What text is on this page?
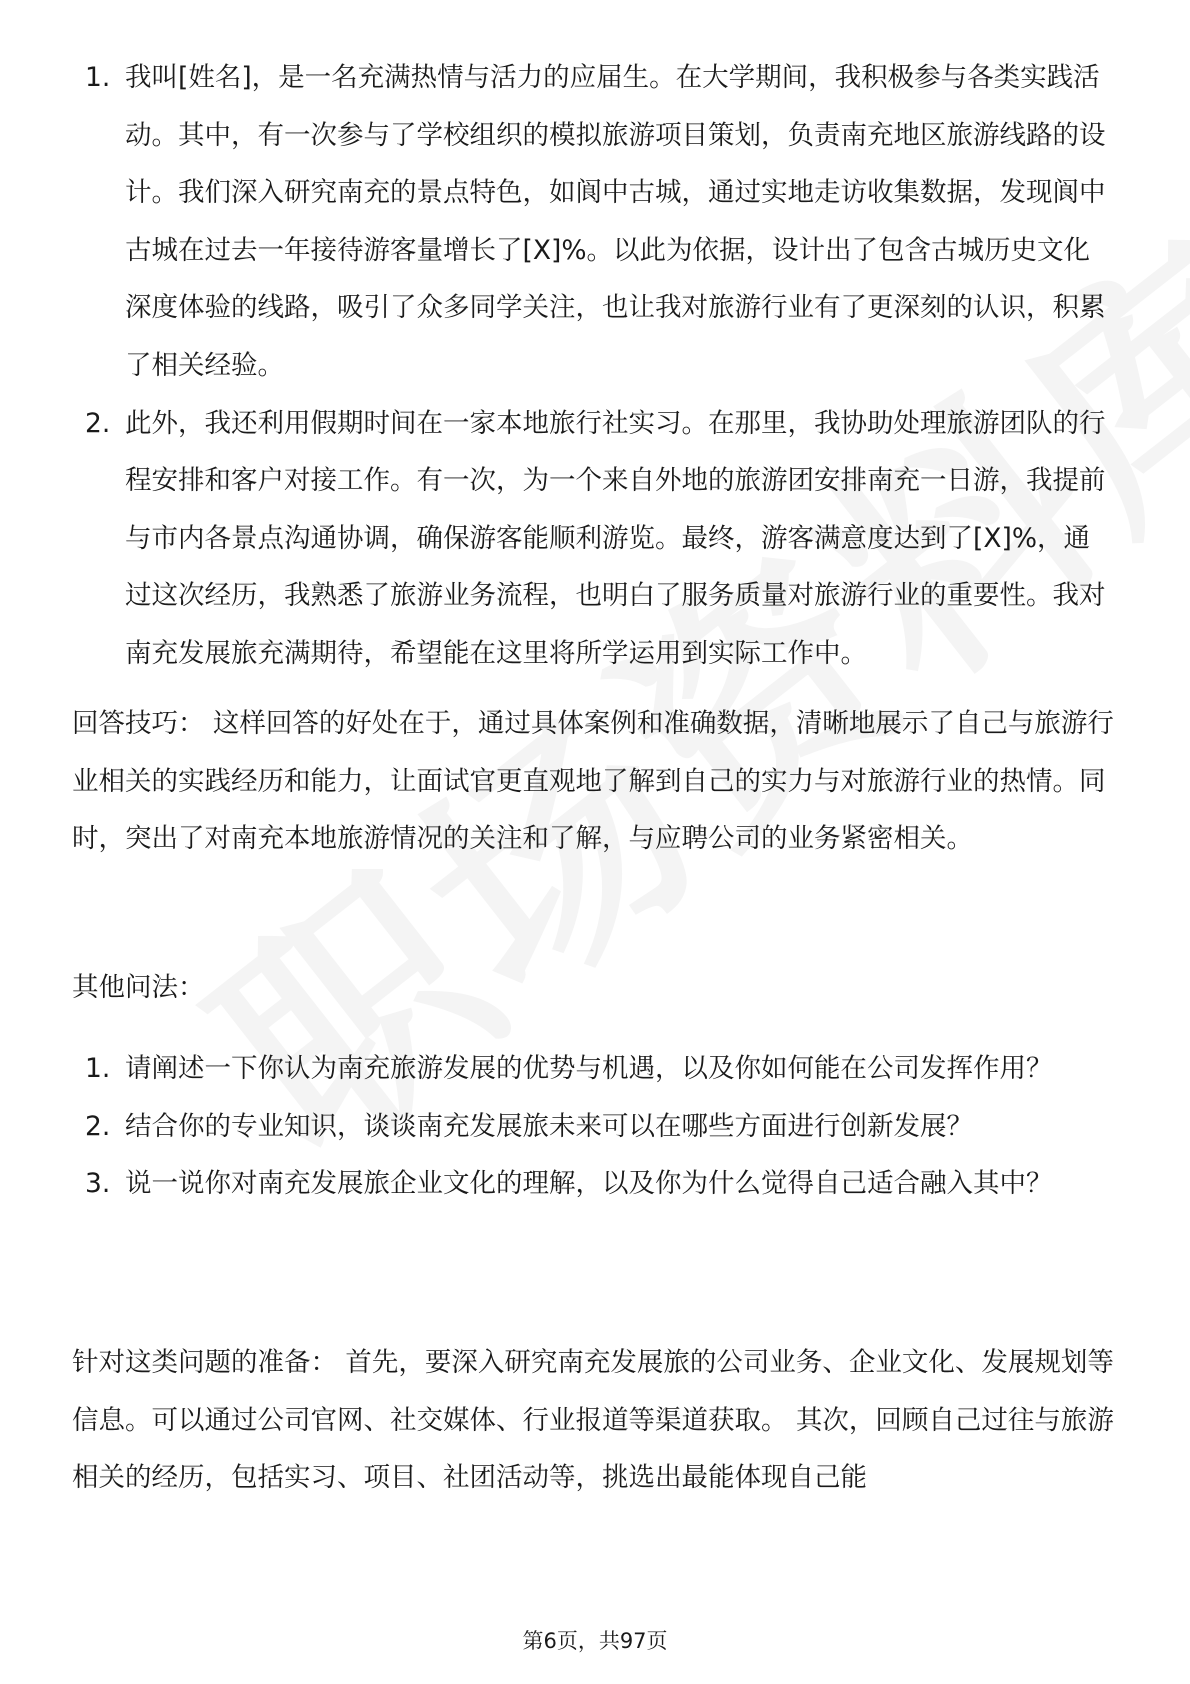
1. 我叫[姓名]，是一名充满热情与活力的应届生。在大学期间，我积极参与各类实践活动。其中，有一次参与了学校组织的模拟旅游项目策划，负责南充地区旅游线路的设计。我们深入研究南充的景点特色，如阆中古城，通过实地走访收集数据，发现阆中古城在过去一年接待游客量增长了[X]%。以此为依据，设计出了包含古城历史文化深度体验的线路，吸引了众多同学关注，也让我对旅游行业有了更深刻的认识，积累了相关经验。
2. 此外，我还利用假期时间在一家本地旅行社实习。在那里，我协助处理旅游团队的行程安排和客户对接工作。有一次，为一个来自外地的旅游团安排南充一日游，我提前与市内各景点沟通协调，确保游客能顺利游览。最终，游客满意度达到了[X]%，通过这次经历，我熟悉了旅游业务流程，也明白了服务质量对旅游行业的重要性。我对南充发展旅充满期待，希望能在这里将所学运用到实际工作中。

回答技巧： 这样回答的好处在于，通过具体案例和准确数据，清晰地展示了自己与旅游行业相关的实践经历和能力，让面试官更直观地了解到自己的实力与对旅游行业的热情。同时，突出了对南充本地旅游情况的关注和了解，与应聘公司的业务紧密相关。

其他问法：

1. 请阐述一下你认为南充旅游发展的优势与机遇，以及你如何能在公司发挥作用？
2. 结合你的专业知识，谈谈南充发展旅未来可以在哪些方面进行创新发展？
3. 说一说你对南充发展旅企业文化的理解，以及你为什么觉得自己适合融入其中？

针对这类问题的准备： 首先，要深入研究南充发展旅的公司业务、企业文化、发展规划等信息。可以通过公司官网、社交媒体、行业报道等渠道获取。 其次，回顾自己过往与旅游相关的经历，包括实习、项目、社团活动等，挑选出最能体现自己能

第6页，共97页
